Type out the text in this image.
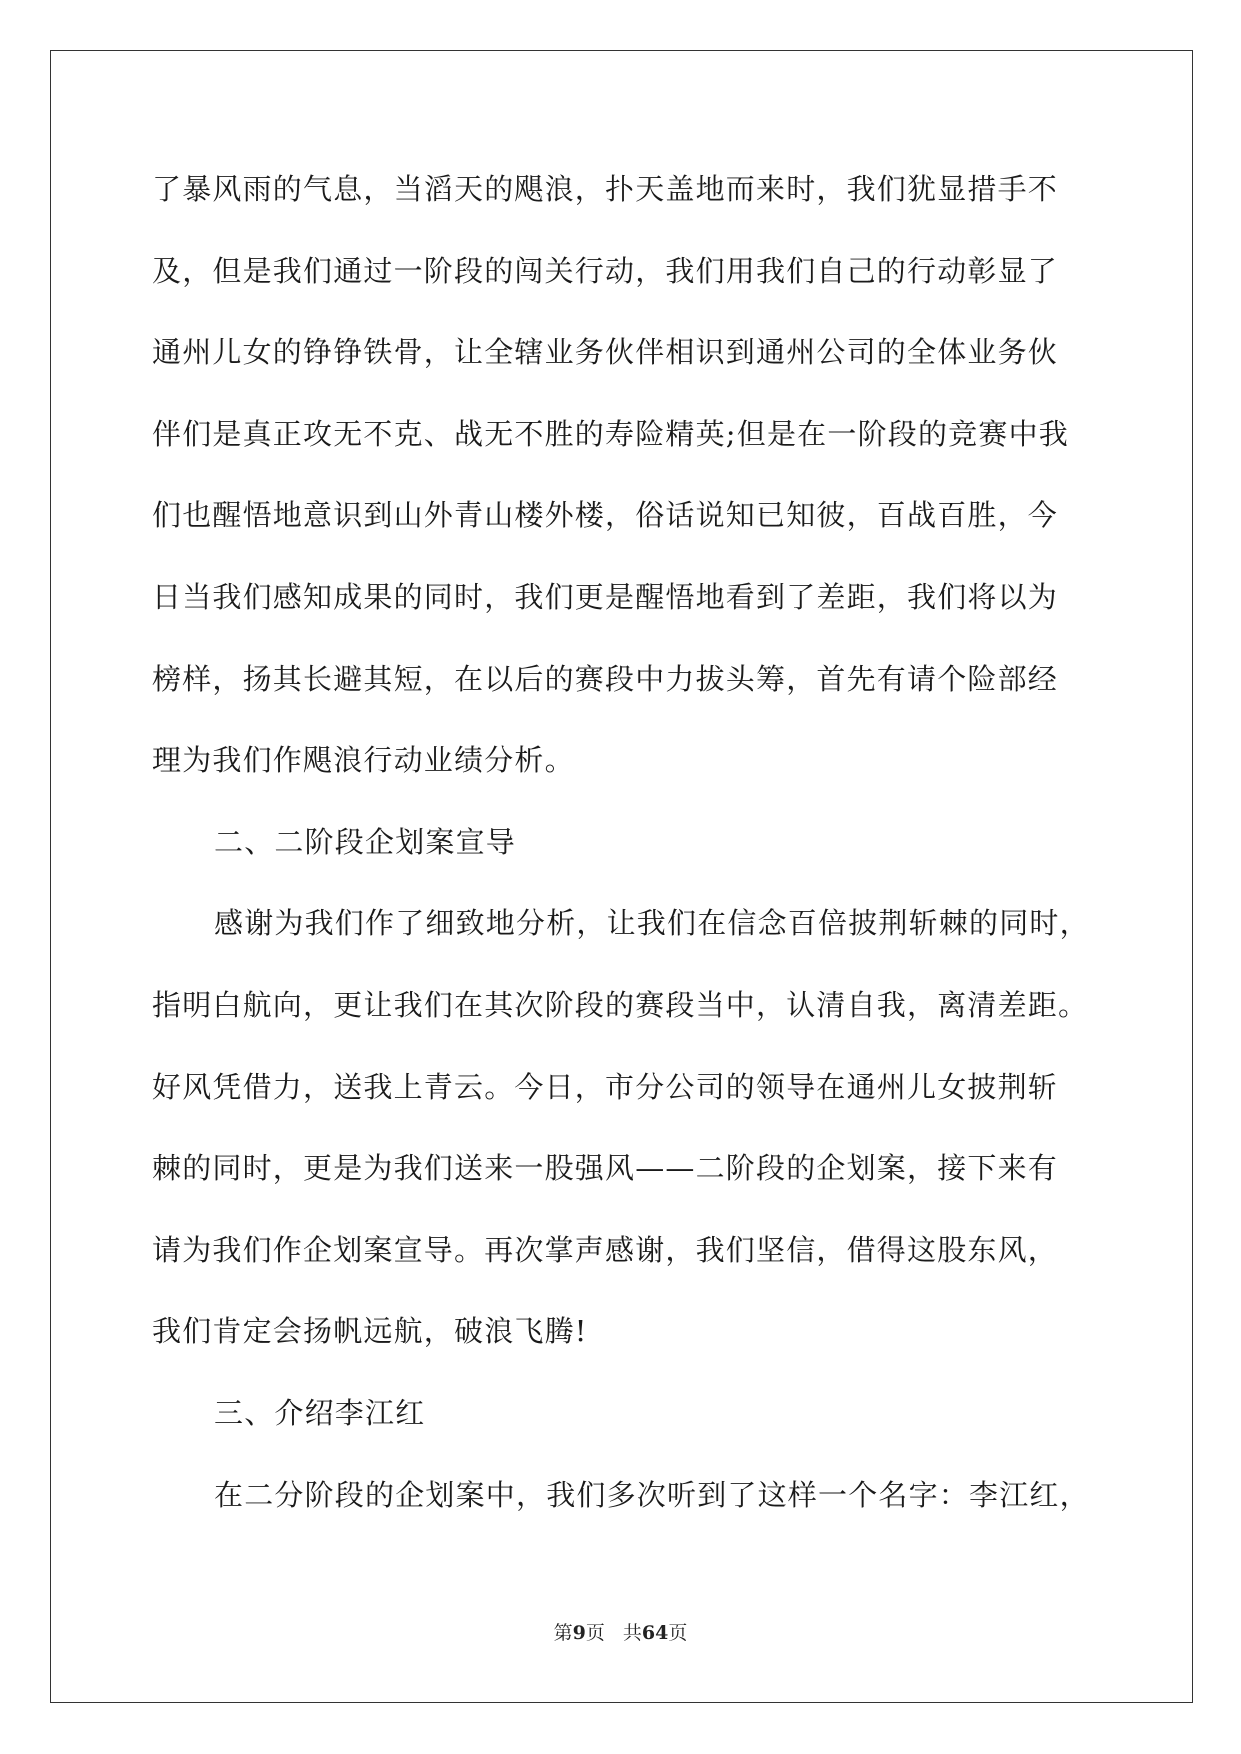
了暴风雨的气息，当滔天的飓浪，扑天盖地而来时，我们犹显措手不
及，但是我们通过一阶段的闯关行动，我们用我们自己的行动彰显了
通州儿女的铮铮铁骨，让全辖业务伙伴相识到通州公司的全体业务伙
伴们是真正攻无不克、战无不胜的寿险精英;但是在一阶段的竞赛中我
们也醒悟地意识到山外青山楼外楼，俗话说知已知彼，百战百胜，今
日当我们感知成果的同时，我们更是醒悟地看到了差距，我们将以为
榜样，扬其长避其短，在以后的赛段中力拔头筹，首先有请个险部经
理为我们作飓浪行动业绩分析。
二、二阶段企划案宣导
感谢为我们作了细致地分析，让我们在信念百倍披荆斩棘的同时，
指明白航向，更让我们在其次阶段的赛段当中，认清自我，离清差距。
好风凭借力，送我上青云。今日，市分公司的领导在通州儿女披荆斩
棘的同时，更是为我们送来一股强风——二阶段的企划案，接下来有
请为我们作企划案宣导。再次掌声感谢，我们坚信，借得这股东风，
我们肯定会扬帆远航，破浪飞腾!
三、介绍李江红
在二分阶段的企划案中，我们多次听到了这样一个名字：李江红，
第9页 共64页
